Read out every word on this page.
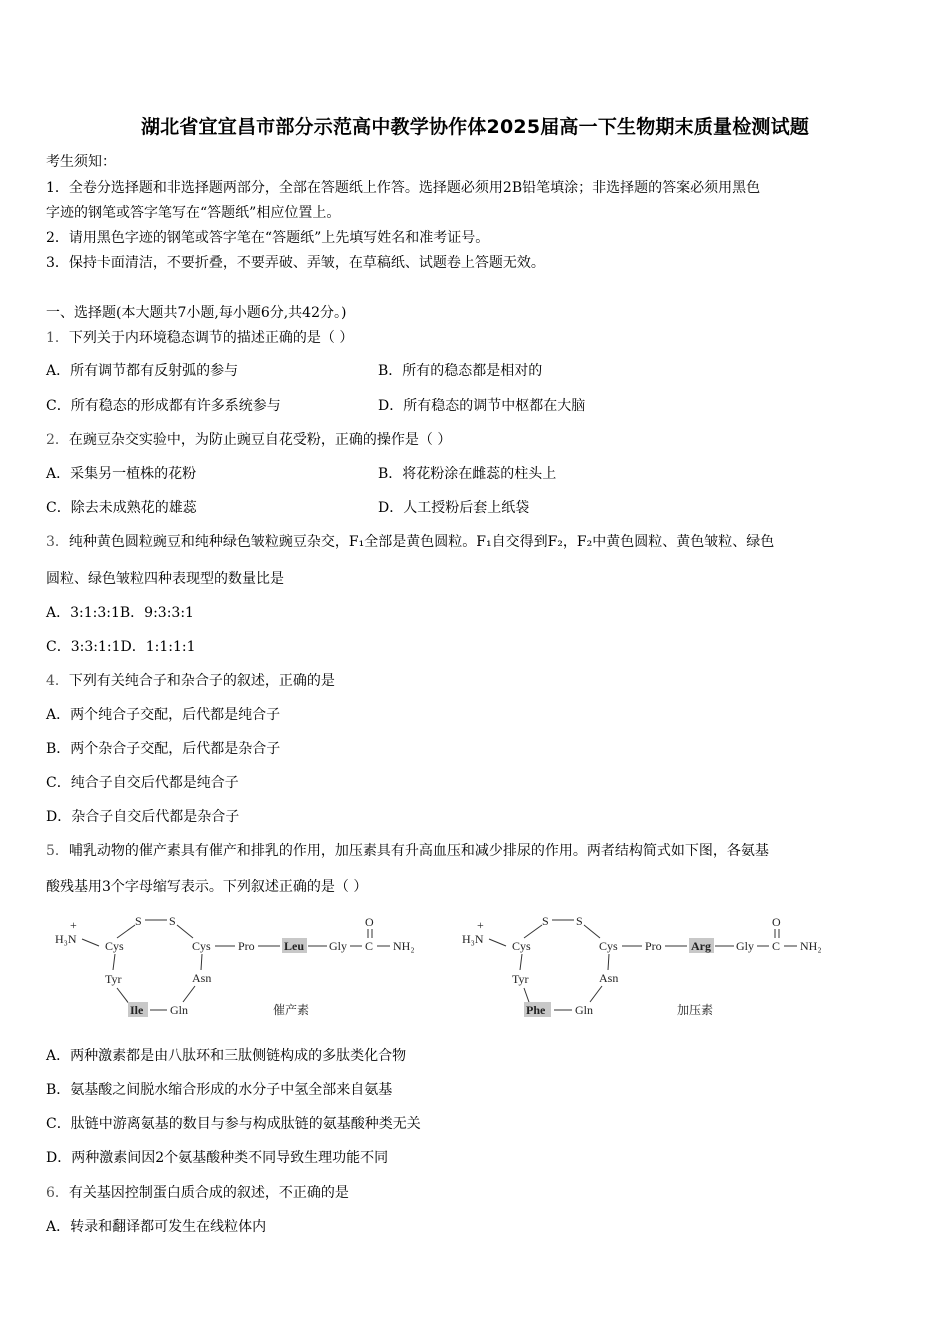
湖北省宜宜昌市部分示范高中教学协作体2025届高一下生物期末质量检测试题
考生须知：
1．全卷分选择题和非选择题两部分，全部在答题纸上作答。选择题必须用2B铅笔填涂；非选择题的答案必须用黑色
字迹的钢笔或答字笔写在“答题纸”相应位置上。
2．请用黑色字迹的钢笔或答字笔在“答题纸”上先填写姓名和准考证号。
3．保持卡面清洁，不要折叠，不要弄破、弄皱，在草稿纸、试题卷上答题无效。
一、选择题(本大题共7小题,每小题6分,共42分。)
1．下列关于内环境稳态调节的描述正确的是（ ）
A．所有调节都有反射弧的参与	B．所有的稳态都是相对的
C．所有稳态的形成都有许多系统参与	D．所有稳态的调节中枢都在大脑
2．在豌豆杂交实验中，为防止豌豆自花受粉，正确的操作是（ ）
A．采集另一植株的花粉	B．将花粉涂在雌蕊的柱头上
C．除去未成熟花的雄蕊	D．人工授粉后套上纸袋
3．纯种黄色圆粒豌豆和纯种绿色皱粒豌豆杂交，F₁全部是黄色圆粒。F₁自交得到F₂，F₂中黄色圆粒、黄色皱粒、绿色
圆粒、绿色皱粒四种表现型的数量比是
A．3:1:3:1B．9:3:3:1
C．3:3:1:1D．1:1:1:1
4．下列有关纯合子和杂合子的叙述，正确的是
A．两个纯合子交配，后代都是纯合子
B．两个杂合子交配，后代都是杂合子
C．纯合子自交后代都是纯合子
D．杂合子自交后代都是杂合子
5．哺乳动物的催产素具有催产和排乳的作用，加压素具有升高血压和减少排尿的作用。两者结构简式如下图，各氨基
酸残基用3个字母缩写表示。下列叙述正确的是（ ）
H₃N
+
Cys
S S
Cys Pro Leu Gly C
O
NH₂
Tyr
Ile Gln
Asn
催产素
H₃N
+
Cys
S S
Cys Pro Arg Gly C
O
NH₂
Tyr
Phe Gln
Asn
加压素
A．两种激素都是由八肽环和三肽侧链构成的多肽类化合物
B．氨基酸之间脱水缩合形成的水分子中氢全部来自氨基
C．肽链中游离氨基的数目与参与构成肽链的氨基酸种类无关
D．两种激素间因2个氨基酸种类不同导致生理功能不同
6．有关基因控制蛋白质合成的叙述，不正确的是
A．转录和翻译都可发生在线粒体内
